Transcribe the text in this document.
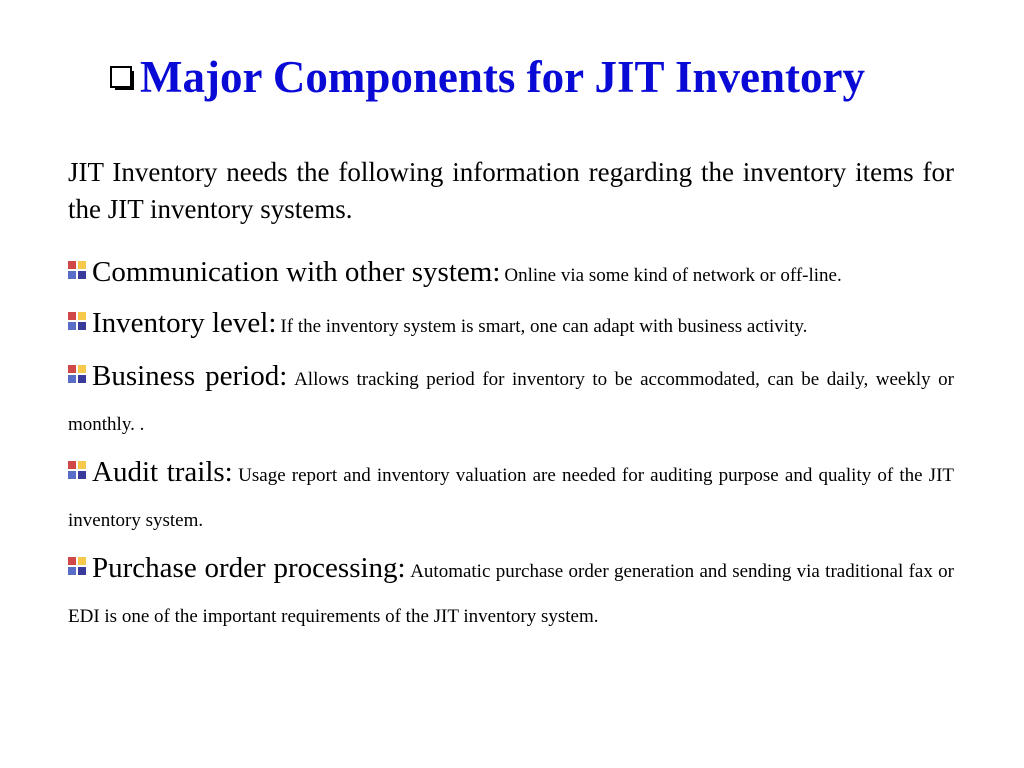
Major Components for JIT Inventory
JIT Inventory needs the following information regarding the inventory items for the JIT inventory systems.
Communication with other system: Online via some kind of network or off-line.
Inventory level: If the inventory system is smart, one can adapt with business activity.
Business period: Allows tracking period for inventory to be accommodated, can be daily, weekly or monthly. .
Audit trails: Usage report and inventory valuation are needed for auditing purpose and quality of the JIT inventory system.
Purchase order processing: Automatic purchase order generation and sending via traditional fax or EDI is one of the important requirements of the JIT inventory system.
